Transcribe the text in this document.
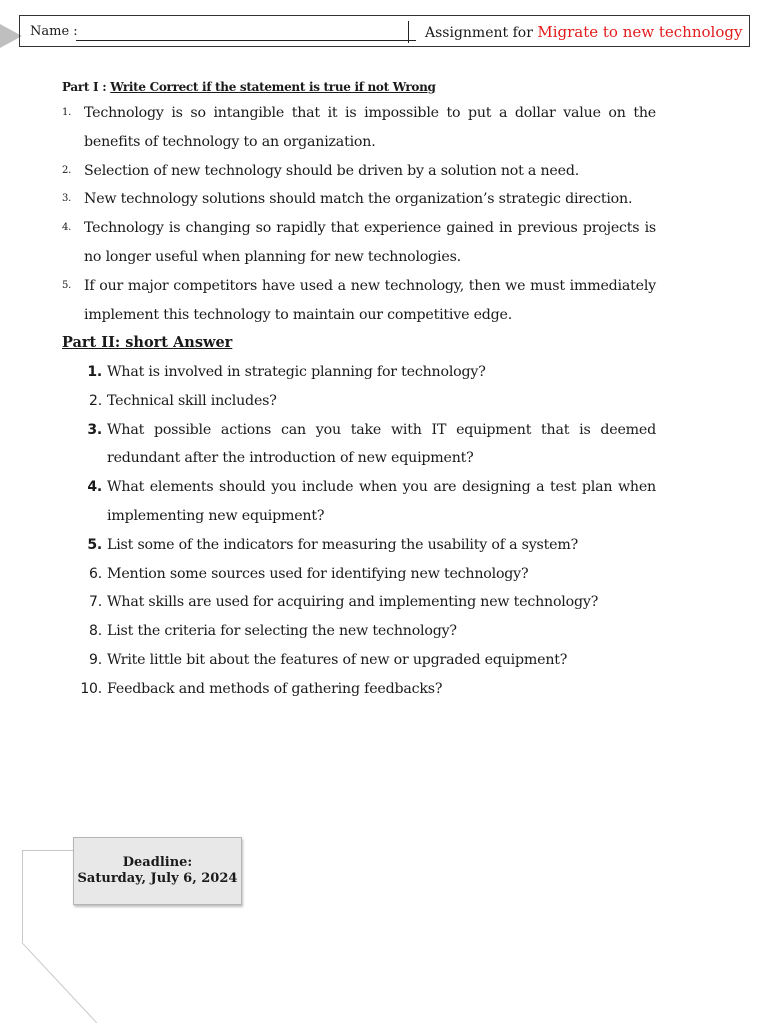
Name :	Assignment for Migrate to new technology
Part I : Write Correct if the statement is true if not Wrong
1. Technology is so intangible that it is impossible to put a dollar value on the benefits of technology to an organization.
2. Selection of new technology should be driven by a solution not a need.
3. New technology solutions should match the organization’s strategic direction.
4. Technology is changing so rapidly that experience gained in previous projects is no longer useful when planning for new technologies.
5. If our major competitors have used a new technology, then we must immediately implement this technology to maintain our competitive edge.
Part II: short Answer
1. What is involved in strategic planning for technology?
2. Technical skill includes?
3. What possible actions can you take with IT equipment that is deemed redundant after the introduction of new equipment?
4. What elements should you include when you are designing a test plan when implementing new equipment?
5. List some of the indicators for measuring the usability of a system?
6. Mention some sources used for identifying new technology?
7. What skills are used for acquiring and implementing new technology?
8. List the criteria for selecting the new technology?
9. Write little bit about the features of new or upgraded equipment?
10. Feedback and methods of gathering feedbacks?
Deadline:
Saturday, July 6, 2024
